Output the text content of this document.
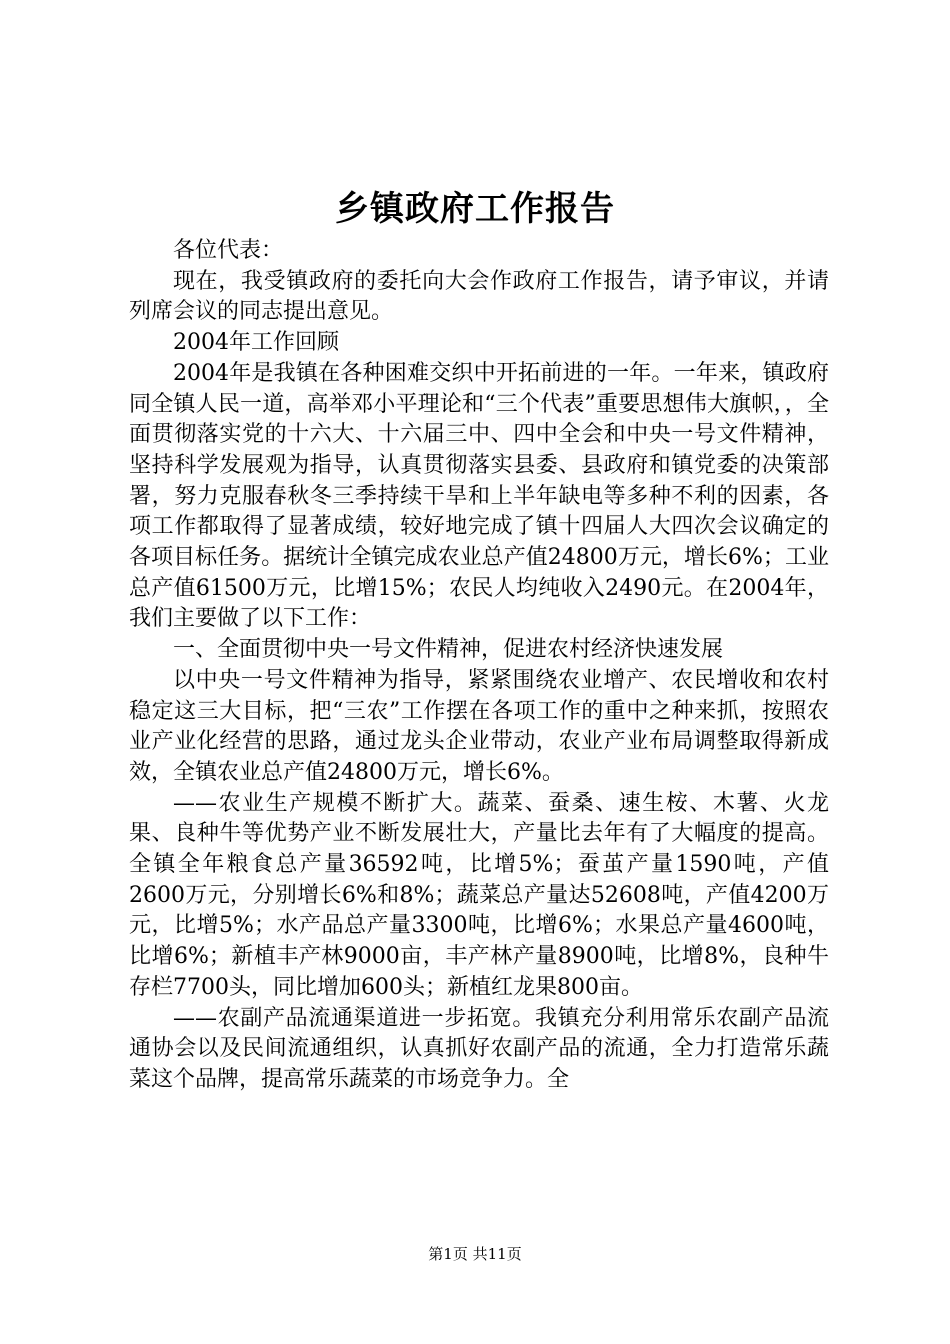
乡镇政府工作报告

各位代表：

现在，我受镇政府的委托向大会作政府工作报告，请予审议，并请列席会议的同志提出意见。

2004年工作回顾

2004年是我镇在各种困难交织中开拓前进的一年。一年来，镇政府同全镇人民一道，高举邓小平理论和“三个代表”重要思想伟大旗帜，，全面贯彻落实党的十六大、十六届三中、四中全会和中央一号文件精神，坚持科学发展观为指导，认真贯彻落实县委、县政府和镇党委的决策部署，努力克服春秋冬三季持续干旱和上半年缺电等多种不利的因素，各项工作都取得了显著成绩，较好地完成了镇十四届人大四次会议确定的各项目标任务。据统计全镇完成农业总产值24800万元，增长6%；工业总产值61500万元，比增15%；农民人均纯收入2490元。在2004年，我们主要做了以下工作：

一、全面贯彻中央一号文件精神，促进农村经济快速发展

以中央一号文件精神为指导，紧紧围绕农业增产、农民增收和农村稳定这三大目标，把“三农”工作摆在各项工作的重中之种来抓，按照农业产业化经营的思路，通过龙头企业带动，农业产业布局调整取得新成效，全镇农业总产值24800万元，增长6%。

——农业生产规模不断扩大。蔬菜、蚕桑、速生桉、木薯、火龙果、良种牛等优势产业不断发展壮大，产量比去年有了大幅度的提高。全镇全年粮食总产量36592吨，比增5%；蚕茧产量1590吨，产值2600万元，分别增长6%和8%；蔬菜总产量达52608吨，产值4200万元，比增5%；水产品总产量3300吨，比增6%；水果总产量4600吨，比增6%；新植丰产林9000亩，丰产林产量8900吨，比增8%，良种牛存栏7700头，同比增加600头；新植红龙果800亩。

——农副产品流通渠道进一步拓宽。我镇充分利用常乐农副产品流通协会以及民间流通组织，认真抓好农副产品的流通，全力打造常乐蔬菜这个品牌，提高常乐蔬菜的市场竞争力。全

第1页 共11页
